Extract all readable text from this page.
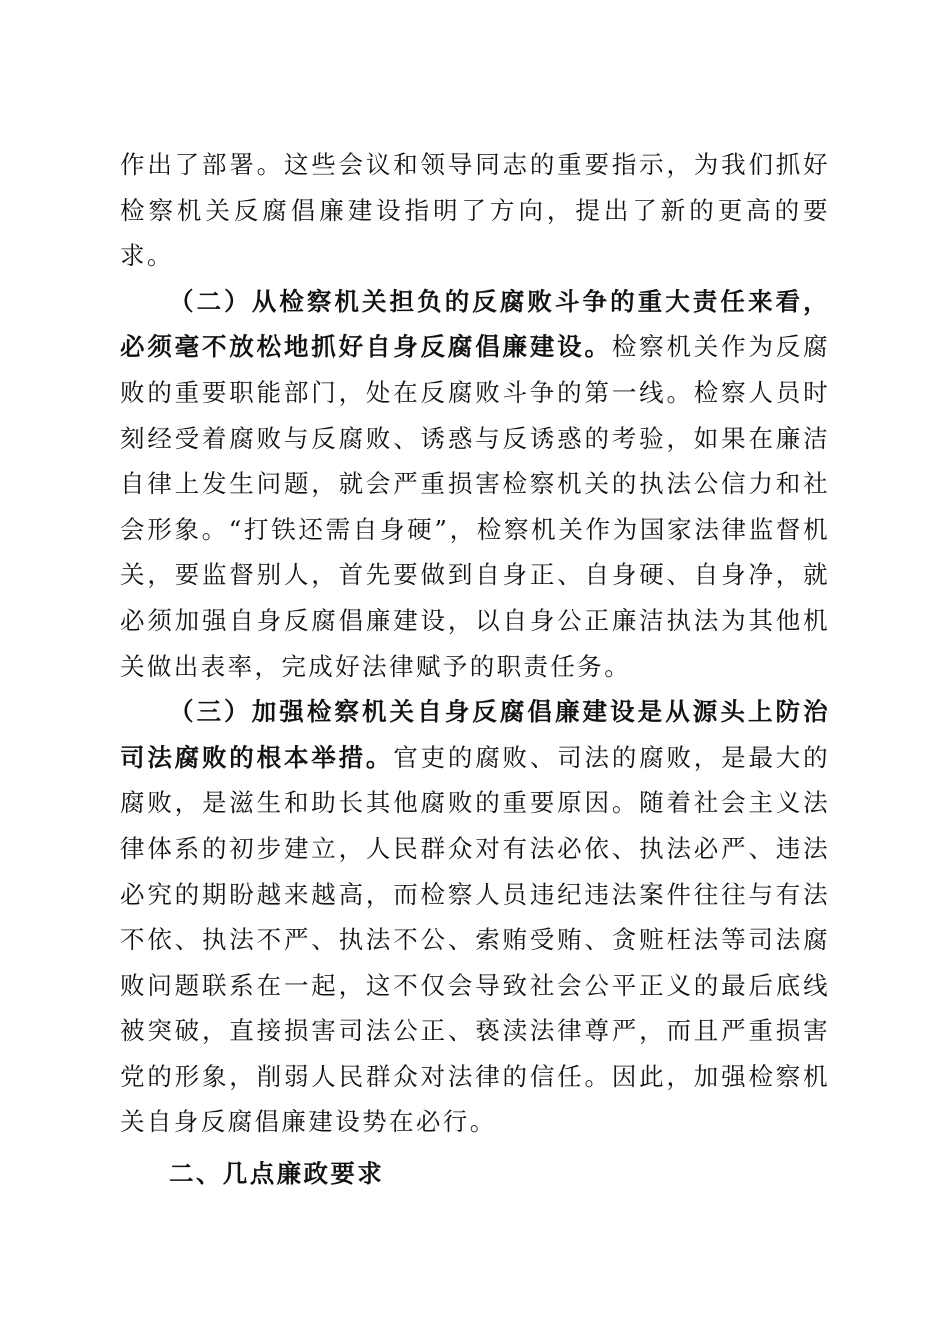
作出了部署。这些会议和领导同志的重要指示，为我们抓好检察机关反腐倡廉建设指明了方向，提出了新的更高的要求。

（二）从检察机关担负的反腐败斗争的重大责任来看，必须毫不放松地抓好自身反腐倡廉建设。检察机关作为反腐败的重要职能部门，处在反腐败斗争的第一线。检察人员时刻经受着腐败与反腐败、诱惑与反诱惑的考验，如果在廉洁自律上发生问题，就会严重损害检察机关的执法公信力和社会形象。“打铁还需自身硬”，检察机关作为国家法律监督机关，要监督别人，首先要做到自身正、自身硬、自身净，就必须加强自身反腐倡廉建设，以自身公正廉洁执法为其他机关做出表率，完成好法律赋予的职责任务。

（三）加强检察机关自身反腐倡廉建设是从源头上防治司法腐败的根本举措。官吏的腐败、司法的腐败，是最大的腐败，是滋生和助长其他腐败的重要原因。随着社会主义法律体系的初步建立，人民群众对有法必依、执法必严、违法必究的期盼越来越高，而检察人员违纪违法案件往往与有法不依、执法不严、执法不公、索贿受贿、贪赃枉法等司法腐败问题联系在一起，这不仅会导致社会公平正义的最后底线被突破，直接损害司法公正、亵渎法律尊严，而且严重损害党的形象，削弱人民群众对法律的信任。因此，加强检察机关自身反腐倡廉建设势在必行。

二、几点廉政要求
